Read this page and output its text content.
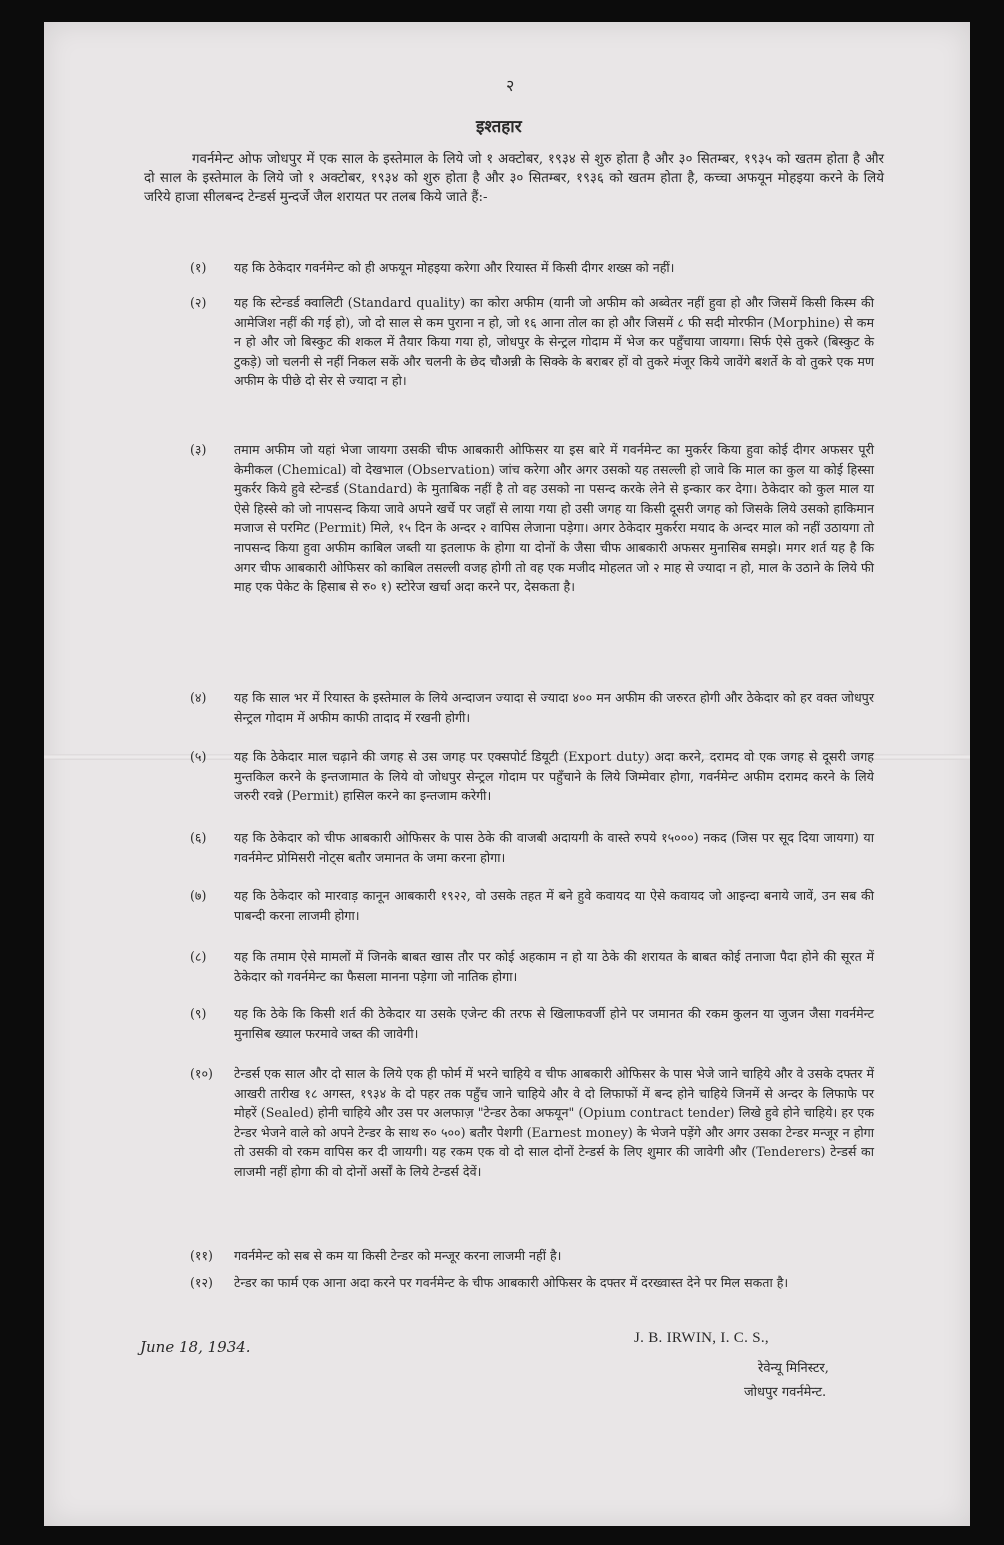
२
इश्तहार
गवर्नमेन्ट ओफ जोधपुर में एक साल के इस्तेमाल के लिये जो १ अक्टोबर, १९३४ से शुरु होता है और ३० सितम्बर, १९३५ को खतम होता है और दो साल के इस्तेमाल के लिये जो १ अक्टोबर, १९३४ को शुरु होता है और ३० सितम्बर, १९३६ को खतम होता है, कच्चा अफयून मोहइया करने के लिये जरिये हाजा सीलबन्द टेन्डर्स मुन्दर्जे जैल शरायत पर तलब किये जाते हैं:-
(१)	यह कि ठेकेदार गवर्नमेन्ट को ही अफयून मोहइया करेगा और रियास्त में किसी दीगर शख्स को नहीं।
(२)	यह कि स्टेन्डर्ड क्वालिटी (Standard quality) का कोरा अफीम (यानी जो अफीम को अब्वेतर नहीं हुवा हो और जिसमें किसी किस्म की आमेजिश नहीं की गई हो), जो दो साल से कम पुराना न हो, जो १६ आना तोल का हो और जिसमें ८ फी सदी मोरफीन (Morphine) से कम न हो और जो बिस्कुट की शकल में तैयार किया गया हो, जोधपुर के सेन्ट्रल गोदाम में भेज कर पहुँचाया जायगा। सिर्फ ऐसे तुकरे (बिस्कुट के टुकड़े) जो चलनी से नहीं निकल सकें और चलनी के छेद चौअन्नी के सिक्के के बराबर हों वो तुकरे मंजूर किये जावेंगे बशर्ते के वो तुकरे एक मण अफीम के पीछे दो सेर से ज्यादा न हो।
(३)	तमाम अफीम जो यहां भेजा जायगा उसकी चीफ आबकारी ओफिसर या इस बारे में गवर्नमेन्ट का मुकर्रर किया हुवा कोई दीगर अफसर पूरी केमीकल (Chemical) वो देखभाल (Observation) जांच करेगा और अगर उसको यह तसल्ली हो जावे कि माल का कुल या कोई हिस्सा मुकर्रर किये हुवे स्टेन्डर्ड (Standard) के मुताबिक नहीं है तो वह उसको ना पसन्द करके लेने से इन्कार कर देगा। ठेकेदार को कुल माल या ऐसे हिस्से को जो नापसन्द किया जावे अपने खर्चे पर जहाँ से लाया गया हो उसी जगह या किसी दूसरी जगह को जिसके लिये उसको हाकिमान मजाज से परमिट (Permit) मिले, १५ दिन के अन्दर २ वापिस लेजाना पड़ेगा। अगर ठेकेदार मुकर्ररा मयाद के अन्दर माल को नहीं उठायगा तो नापसन्द किया हुवा अफीम काबिल जब्ती या इतलाफ के होगा या दोनों के जैसा चीफ आबकारी अफसर मुनासिब समझे। मगर शर्त यह है कि अगर चीफ आबकारी ओफिसर को काबिल तसल्ली वजह होगी तो वह एक मजीद मोहलत जो २ माह से ज्यादा न हो, माल के उठाने के लिये फी माह एक पेकेट के हिसाब से रु० १) स्टोरेज खर्चा अदा करने पर, देसकता है।
(४)	यह कि साल भर में रियास्त के इस्तेमाल के लिये अन्दाजन ज्यादा से ज्यादा ४०० मन अफीम की जरुरत होगी और ठेकेदार को हर वक्त जोधपुर सेन्ट्रल गोदाम में अफीम काफी तादाद में रखनी होगी।
(५)	यह कि ठेकेदार माल चढ़ाने की जगह से उस जगह पर एक्सपोर्ट डियूटी (Export duty) अदा करने, दरामद वो एक जगह से दूसरी जगह मुन्तकिल करने के इन्तजामात के लिये वो जोधपुर सेन्ट्रल गोदाम पर पहुँचाने के लिये जिम्मेवार होगा, गवर्नमेन्ट अफीम दरामद करने के लिये जरुरी रवन्ने (Permit) हासिल करने का इन्तजाम करेगी।
(६)	यह कि ठेकेदार को चीफ आबकारी ओफिसर के पास ठेके की वाजबी अदायगी के वास्ते रुपये १५०००) नकद (जिस पर सूद दिया जायगा) या गवर्नमेन्ट प्रोमिसरी नोट्स बतौर जमानत के जमा करना होगा।
(७)	यह कि ठेकेदार को मारवाड़ कानून आबकारी १९२२, वो उसके तहत में बने हुवे कवायद या ऐसे कवायद जो आइन्दा बनाये जावें, उन सब की पाबन्दी करना लाजमी होगा।
(८)	यह कि तमाम ऐसे मामलों में जिनके बाबत खास तौर पर कोई अहकाम न हो या ठेके की शरायत के बाबत कोई तनाजा पैदा होने की सूरत में ठेकेदार को गवर्नमेन्ट का फैसला मानना पड़ेगा जो नातिक होगा।
(९)	यह कि ठेके कि किसी शर्त की ठेकेदार या उसके एजेन्ट की तरफ से खिलाफवर्जी होने पर जमानत की रकम कुलन या जुजन जैसा गवर्नमेन्ट मुनासिब ख्याल फरमावे जब्त की जावेगी।
(१०)	टेन्डर्स एक साल और दो साल के लिये एक ही फोर्म में भरने चाहिये व चीफ आबकारी ओफिसर के पास भेजे जाने चाहिये और वे उसके दफ्तर में आखरी तारीख १८ अगस्त, १९३४ के दो पहर तक पहुँच जाने चाहिये और वे दो लिफाफों में बन्द होने चाहिये जिनमें से अन्दर के लिफाफे पर मोहरें (Sealed) होनी चाहिये और उस पर अलफाज़ "टेन्डर ठेका अफयून" (Opium contract tender) लिखे हुवे होने चाहिये। हर एक टेन्डर भेजने वाले को अपने टेन्डर के साथ रु० ५००) बतौर पेशगी (Earnest money) के भेजने पड़ेंगे और अगर उसका टेन्डर मन्जूर न होगा तो उसकी वो रकम वापिस कर दी जायगी। यह रकम एक वो दो साल दोनों टेन्डर्स के लिए शुमार की जावेगी और (Tenderers) टेन्डर्स का लाजमी नहीं होगा की वो दोनों अर्सों के लिये टेन्डर्स देवें।
(११)	गवर्नमेन्ट को सब से कम या किसी टेन्डर को मन्जूर करना लाजमी नहीं है।
(१२)	टेन्डर का फार्म एक आना अदा करने पर गवर्नमेन्ट के चीफ आबकारी ओफिसर के दफ्तर में दरख्वास्त देने पर मिल सकता है।
June 18, 1934.	J. B. IRWIN, I. C. S.,
रेवेन्यू मिनिस्टर,
जोधपुर गवर्नमेन्ट.
